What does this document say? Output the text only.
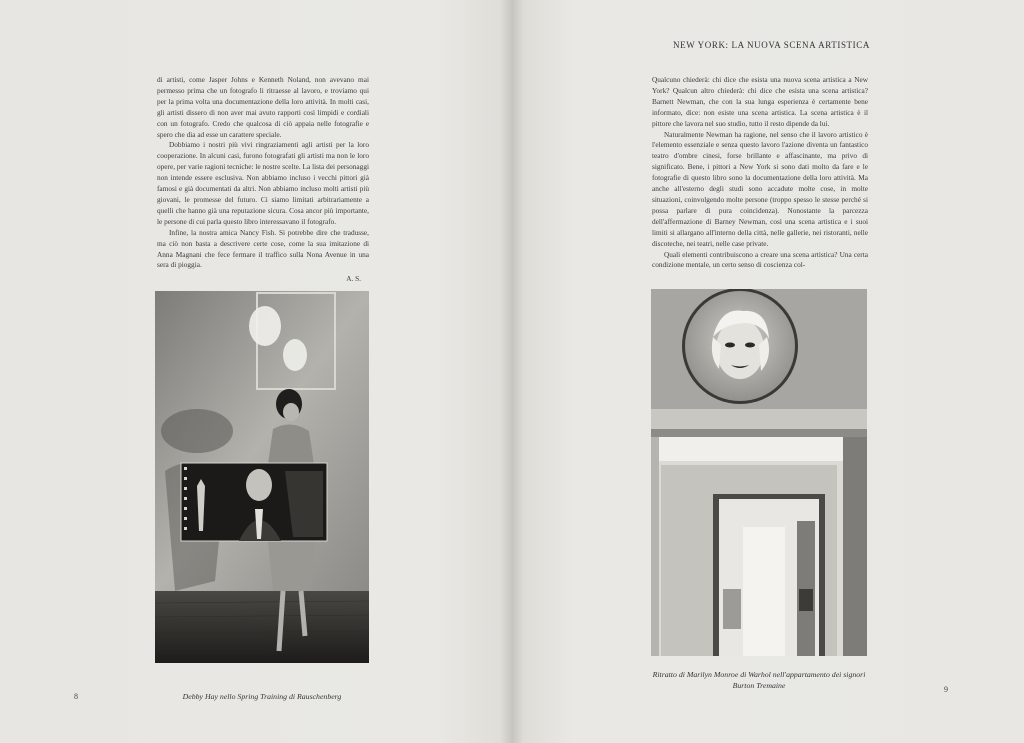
NEW YORK: LA NUOVA SCENA ARTISTICA

di artisti, come Jasper Johns e Kenneth Noland, non avevano mai permesso prima che un fotografo li ritraesse al lavoro, e troviamo qui per la prima volta una documentazione della loro attività. In molti casi, gli artisti dissero di non aver mai avuto rapporti così limpidi e cordiali con un fotografo. Credo che qualcosa di ciò appaia nelle fotografie e spero che dia ad esse un carattere speciale.

Dobbiamo i nostri più vivi ringraziamenti agli artisti per la loro cooperazione. In alcuni casi, furono fotografati gli artisti ma non le loro opere, per varie ragioni tecniche: le nostre scelte. La lista dei personaggi non intende essere esclusiva. Non abbiamo incluso i vecchi pittori già famosi e già documentati da altri. Non abbiamo incluso molti artisti più giovani, le promesse del futuro. Ci siamo limitati arbitrariamente a quelli che hanno già una reputazione sicura. Cosa ancor più importante, le persone di cui parla questo libro interessavano il fotografo.

Infine, la nostra amica Nancy Fish. Si potrebbe dire che tradusse, ma ciò non basta a descrivere certe cose, come la sua imitazione di Anna Magnani che fece fermare il traffico sulla Nona Avenue in una sera di pioggia.

A. S.
Debby Hay nello Spring Training di Rauschenberg
8

Qualcuno chiederà: chi dice che esista una nuova scena artistica a New York? Qualcun altro chiederà: chi dice che esista una scena artistica? Barnett Newman, che con la sua lunga esperienza è certamente bene informato, dice: non esiste una scena artistica. La scena artistica è il pittore che lavora nel suo studio, tutto il resto dipende da lui.

Naturalmente Newman ha ragione, nel senso che il lavoro artistico è l'elemento essenziale e senza questo lavoro l'azione diventa un fantastico teatro d'ombre cinesi, forse brillante e affascinante, ma privo di significato. Bene, i pittori a New York si sono dati molto da fare e le fotografie di questo libro sono la documentazione della loro attività. Ma anche all'esterno degli studi sono accadute molte cose, in molte situazioni, coinvolgendo molte persone (troppo spesso le stesse perché si possa parlare di pura coincidenza). Nonostante la parcezza dell'affermazione di Barney Newman, così una scena artistica e i suoi limiti si allargano all'interno della città, nelle gallerie, nei ristoranti, nelle discoteche, nei teatri, nelle case private.

Quali elementi contribuiscono a creare una scena artistica? Una certa condizione mentale, un certo senso di coscienza col-

Ritratto di Marilyn Monroe di Warhol nell'appartamento dei signori Burton Tremaine	9
